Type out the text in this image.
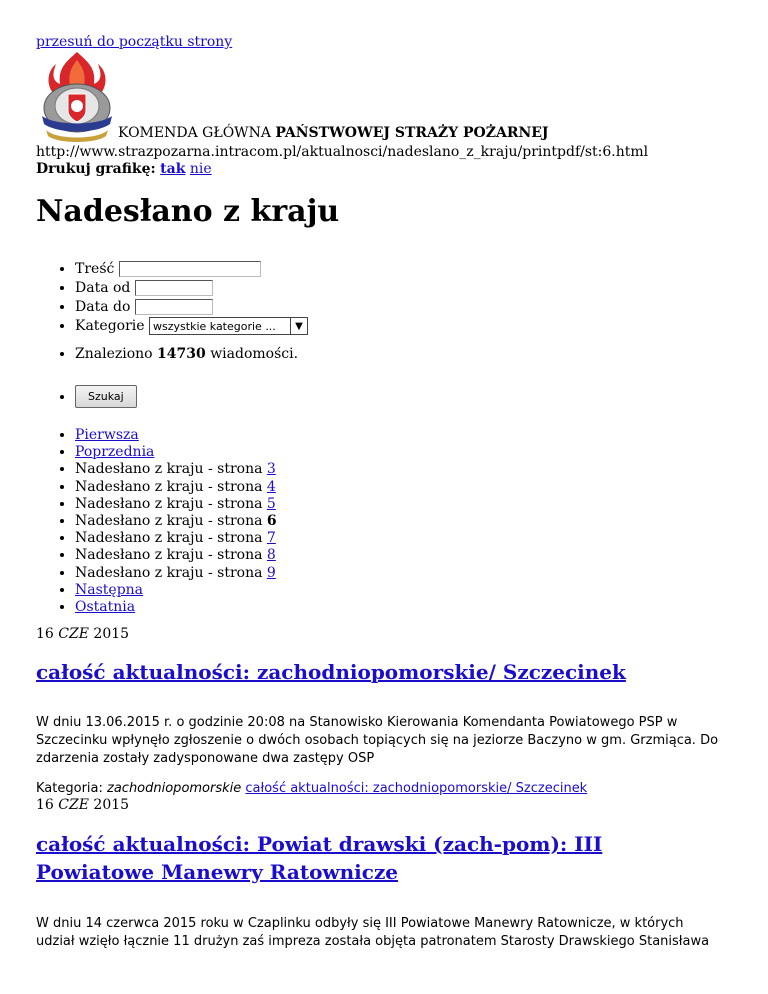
przesuń do początku strony
KOMENDA GŁÓWNA PAŃSTWOWEJ STRAŻY POŻARNEJ
http://www.strazpozarna.intracom.pl/aktualnosci/nadeslano_z_kraju/printpdf/st:6.html
Drukuj grafikę: tak nie
Nadesłano z kraju
• Treść
• Data od
• Data do
• Kategorie wszystkie kategorie ...	▼
• Znaleziono 14730 wiadomości.
• Szukaj
• Pierwsza
• Poprzednia
• Nadesłano z kraju - strona 3
• Nadesłano z kraju - strona 4
• Nadesłano z kraju - strona 5
• Nadesłano z kraju - strona 6
• Nadesłano z kraju - strona 7
• Nadesłano z kraju - strona 8
• Nadesłano z kraju - strona 9
• Następna
• Ostatnia
16 CZE 2015
całość aktualności: zachodniopomorskie/ Szczecinek
W dniu 13.06.2015 r. o godzinie 20:08 na Stanowisko Kierowania Komendanta Powiatowego PSP w Szczecinku wpłynęło zgłoszenie o dwóch osobach topiących się na jeziorze Baczyno w gm. Grzmiąca. Do zdarzenia zostały zadysponowane dwa zastępy OSP
Kategoria: zachodniopomorskie całość aktualności: zachodniopomorskie/ Szczecinek
16 CZE 2015
całość aktualności: Powiat drawski (zach-pom): III Powiatowe Manewry Ratownicze
W dniu 14 czerwca 2015 roku w Czaplinku odbyły się III Powiatowe Manewry Ratownicze, w których udział wzięło łącznie 11 drużyn zaś impreza została objęta patronatem Starosty Drawskiego Stanisława
